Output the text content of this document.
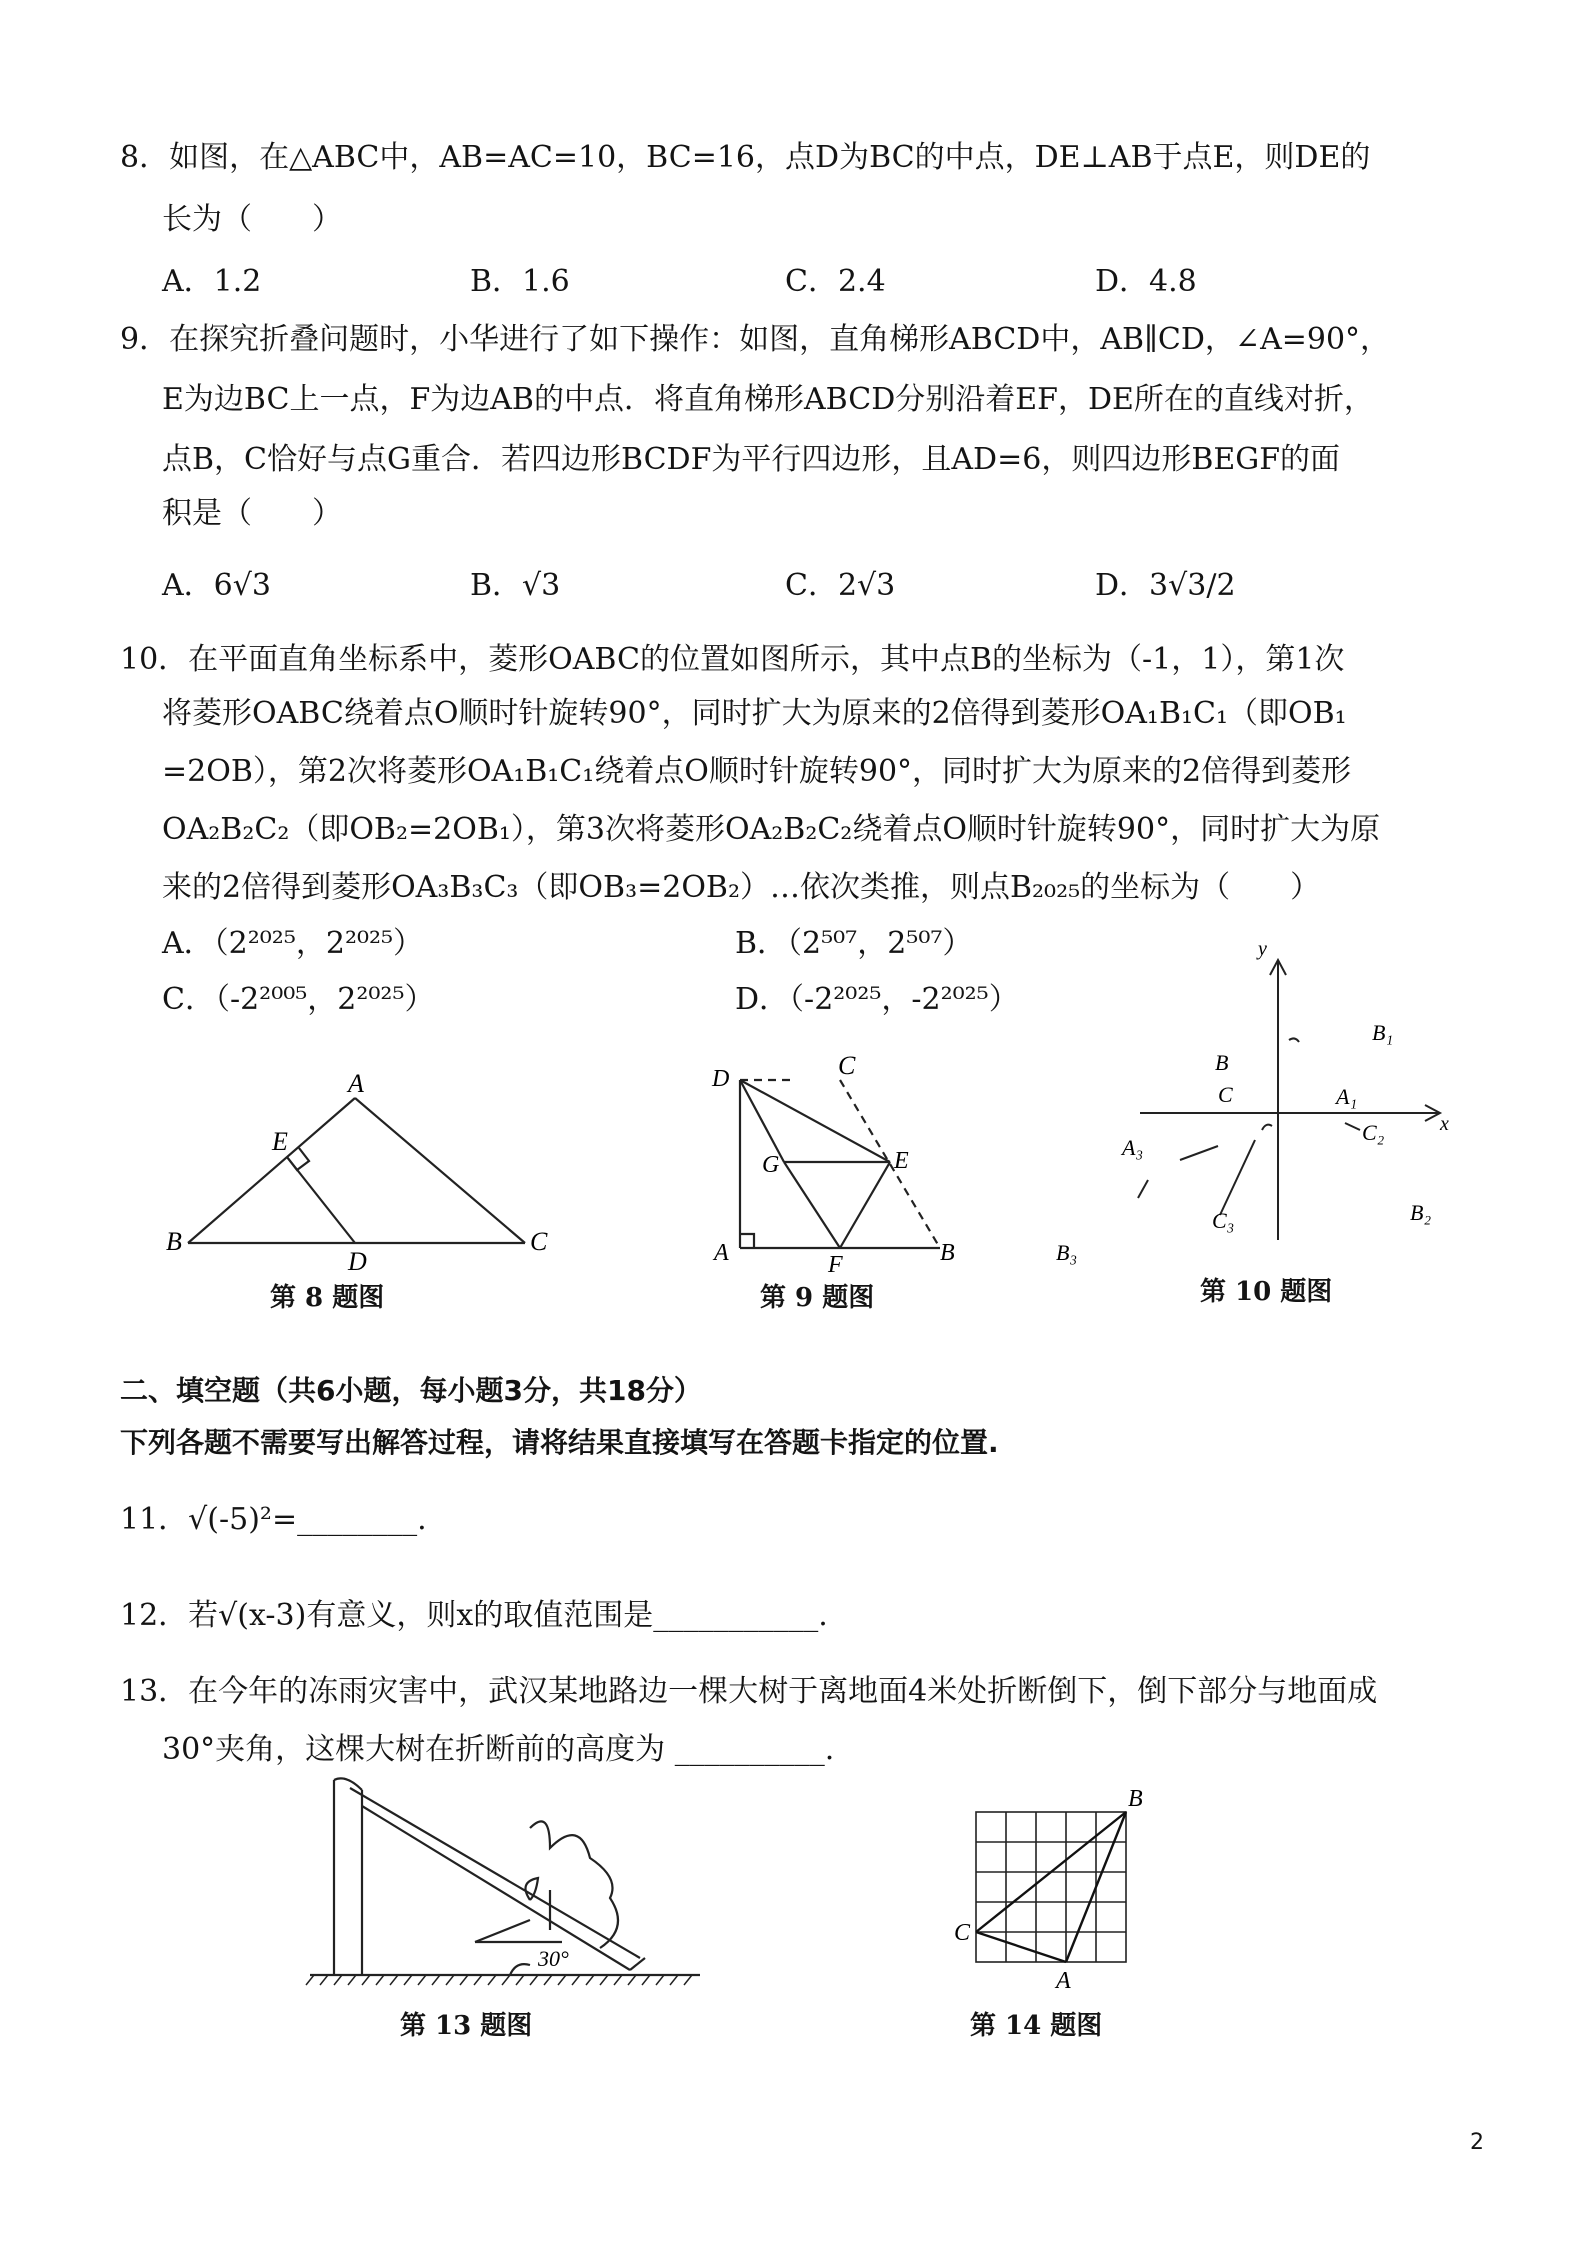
8．如图，在△ABC中，AB=AC=10，BC=16，点D为BC的中点，DE⊥AB于点E，则DE的
长为（　　）
A．1.2	B．1.6	C．2.4	D．4.8
9．在探究折叠问题时，小华进行了如下操作：如图，直角梯形ABCD中，AB∥CD，∠A=90°，
E为边BC上一点，F为边AB的中点．将直角梯形ABCD分别沿着EF，DE所在的直线对折，
点B，C恰好与点G重合．若四边形BCDF为平行四边形，且AD=6，则四边形BEGF的面
积是（　　）
A．6√3	B．√3	C．2√3	D．3√3/2
10．在平面直角坐标系中，菱形OABC的位置如图所示，其中点B的坐标为（-1，1），第1次
将菱形OABC绕着点O顺时针旋转90°，同时扩大为原来的2倍得到菱形OA₁B₁C₁（即OB₁
=2OB），第2次将菱形OA₁B₁C₁绕着点O顺时针旋转90°，同时扩大为原来的2倍得到菱形
OA₂B₂C₂（即OB₂=2OB₁），第3次将菱形OA₂B₂C₂绕着点O顺时针旋转90°，同时扩大为原
来的2倍得到菱形OA₃B₃C₃（即OB₃=2OB₂）…依次类推，则点B₂₀₂₅的坐标为（　　）
A．（2²⁰²⁵，2²⁰²⁵）	B．（2⁵⁰⁷，2⁵⁰⁷）
C．（-2²⁰⁰⁵，2²⁰²⁵）	D．（-2²⁰²⁵，-2²⁰²⁵）
A
E
B
D
C
第 8 题图
D	C
G	E
A	F	B
第 9 题图
y
x
B
C	A₁
B₁
C₂
A₃
C₃	B₂
B₃
第 10 题图
二、填空题（共6小题，每小题3分，共18分）
下列各题不需要写出解答过程，请将结果直接填写在答题卡指定的位置.
11．√(-5)²=________.
12．若√(x-3)有意义，则x的取值范围是___________.
13．在今年的冻雨灾害中，武汉某地路边一棵大树于离地面4米处折断倒下，倒下部分与地面成
30°夹角，这棵大树在折断前的高度为 __________.
30°
第 13 题图
B
C
A
第 14 题图
2
